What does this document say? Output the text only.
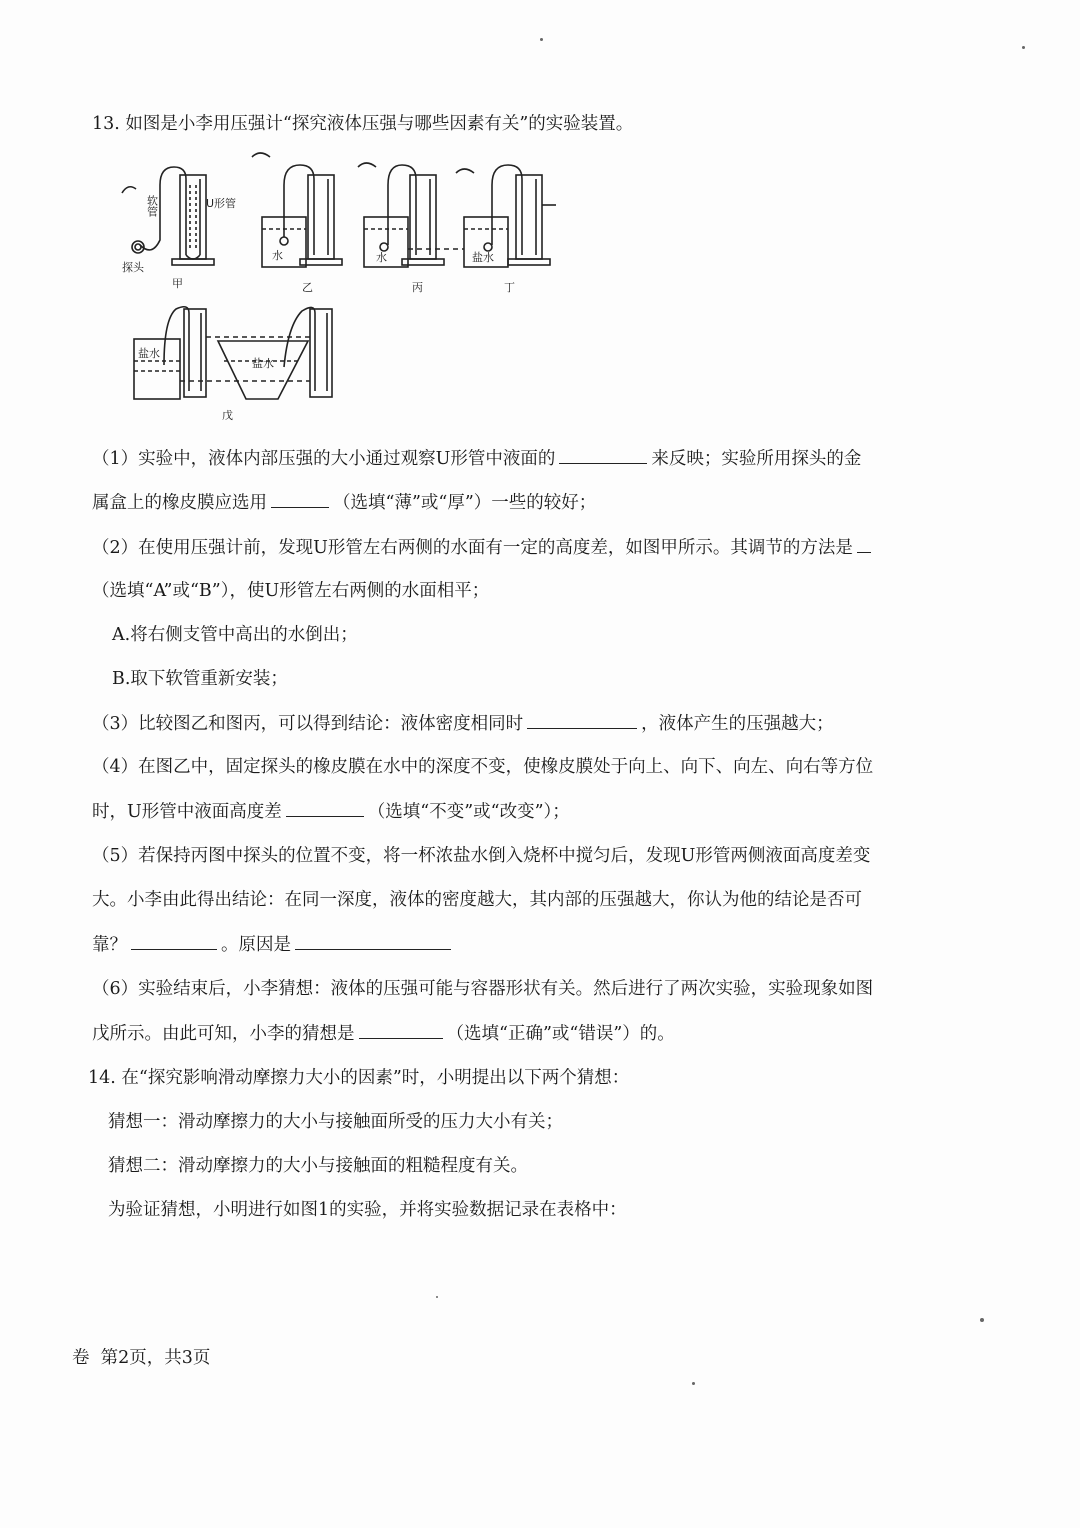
13. 如图是小李用压强计“探究液体压强与哪些因素有关”的实验装置。
软管	U形管
探头
水	水	盐水
甲	乙	丙	丁
盐水
盐水
戊
（1）实验中，液体内部压强的大小通过观察U形管中液面的	来反映；实验所用探头的金
属盒上的橡皮膜应选用	（选填“薄”或“厚”）一些的较好；
（2）在使用压强计前，发现U形管左右两侧的水面有一定的高度差，如图甲所示。其调节的方法是
（选填“A”或“B”），使U形管左右两侧的水面相平；
A.将右侧支管中高出的水倒出；
B.取下软管重新安装；
（3）比较图乙和图丙，可以得到结论：液体密度相同时	，液体产生的压强越大；
（4）在图乙中，固定探头的橡皮膜在水中的深度不变，使橡皮膜处于向上、向下、向左、向右等方位
时，U形管中液面高度差	（选填“不变”或“改变”）；
（5）若保持丙图中探头的位置不变，将一杯浓盐水倒入烧杯中搅匀后，发现U形管两侧液面高度差变
大。小李由此得出结论：在同一深度，液体的密度越大，其内部的压强越大，你认为他的结论是否可
靠？	。原因是
（6）实验结束后，小李猜想：液体的压强可能与容器形状有关。然后进行了两次实验，实验现象如图
戊所示。由此可知，小李的猜想是	（选填“正确”或“错误”）的。
14. 在“探究影响滑动摩擦力大小的因素”时，小明提出以下两个猜想：
猜想一：滑动摩擦力的大小与接触面所受的压力大小有关；
猜想二：滑动摩擦力的大小与接触面的粗糙程度有关。
为验证猜想，小明进行如图1的实验，并将实验数据记录在表格中：
卷  第2页，共3页
